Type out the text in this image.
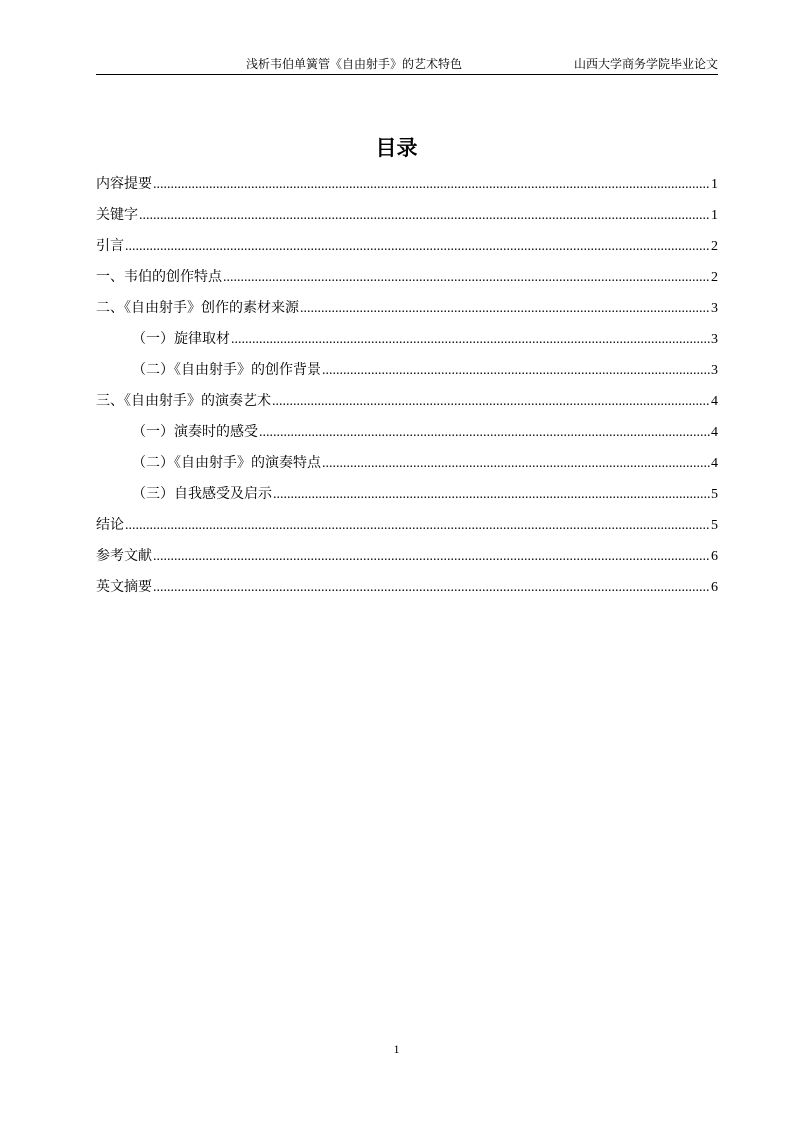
浅析韦伯单簧管《自由射手》的艺术特色	山西大学商务学院毕业论文
目录
内容提要 .....	1
关键字 .....	1
引言 .....	2
一、韦伯的创作特点 .....	2
二、《自由射手》创作的素材来源 .....	3
（一）旋律取材 .....	3
（二）《自由射手》的创作背景 .....	3
三、《自由射手》的演奏艺术 .....	4
（一）演奏时的感受 .....	4
（二）《自由射手》的演奏特点 .....	4
（三）自我感受及启示 .....	5
结论 .....	5
参考文献 .....	6
英文摘要 .....	6
1
